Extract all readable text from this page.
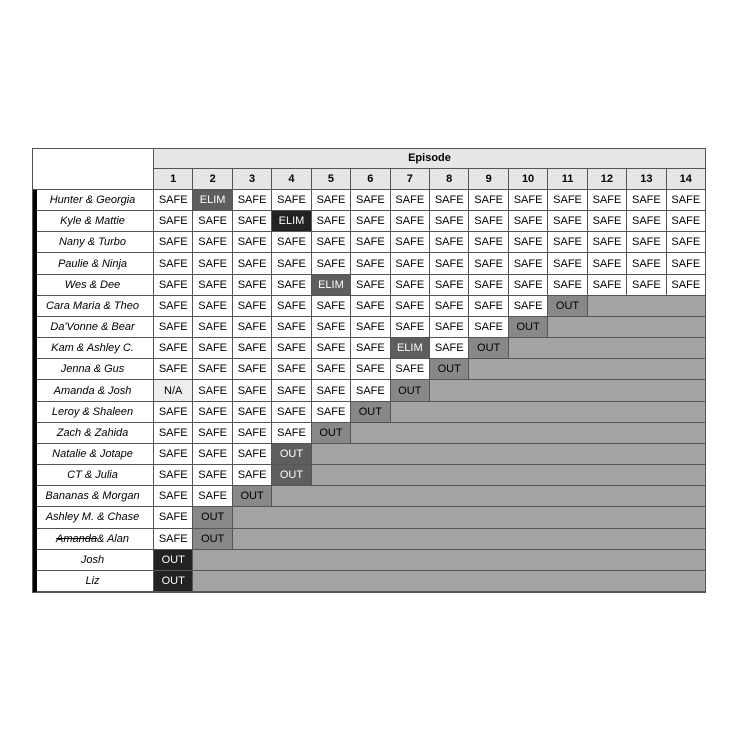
Episode
1	2	3	4	5	6	7	8	9	10	11	12	13	14
Hunter & Georgia	SAFE	ELIM	SAFE SAFE SAFE SAFE SAFE SAFE SAFE SAFE SAFE SAFE SAFE SAFE
Kyle & Mattie	SAFE SAFE SAFE	ELIM	SAFE SAFE SAFE SAFE SAFE SAFE SAFE SAFE SAFE SAFE
Nany & Turbo	SAFE SAFE SAFE SAFE SAFE SAFE SAFE SAFE SAFE SAFE SAFE SAFE SAFE SAFE
Paulie & Ninja	SAFE SAFE SAFE SAFE SAFE SAFE SAFE SAFE SAFE SAFE SAFE SAFE SAFE SAFE
Wes & Dee	SAFE SAFE SAFE SAFE	ELIM	SAFE SAFE SAFE SAFE SAFE SAFE SAFE SAFE SAFE
Cara Maria & Theo	SAFE SAFE SAFE SAFE SAFE SAFE SAFE SAFE SAFE SAFE	OUT
Da'Vonne & Bear	SAFE SAFE SAFE SAFE SAFE SAFE SAFE SAFE SAFE	OUT
Kam & Ashley C.	SAFE SAFE SAFE SAFE SAFE SAFE	ELIM	SAFE	OUT
Jenna & Gus	SAFE SAFE SAFE SAFE SAFE SAFE SAFE	OUT
Amanda & Josh	N/A	SAFE SAFE SAFE SAFE SAFE	OUT
Leroy & Shaleen	SAFE SAFE SAFE SAFE SAFE	OUT
Zach & Zahida	SAFE SAFE SAFE SAFE	OUT
Natalie & Jotape	SAFE SAFE SAFE	OUT
CT & Julia	SAFE SAFE SAFE	OUT
Bananas & Morgan	SAFE SAFE	OUT
Ashley M. & Chase	SAFE	OUT
Amanda & Alan	SAFE	OUT
Josh	OUT
Liz	OUT
